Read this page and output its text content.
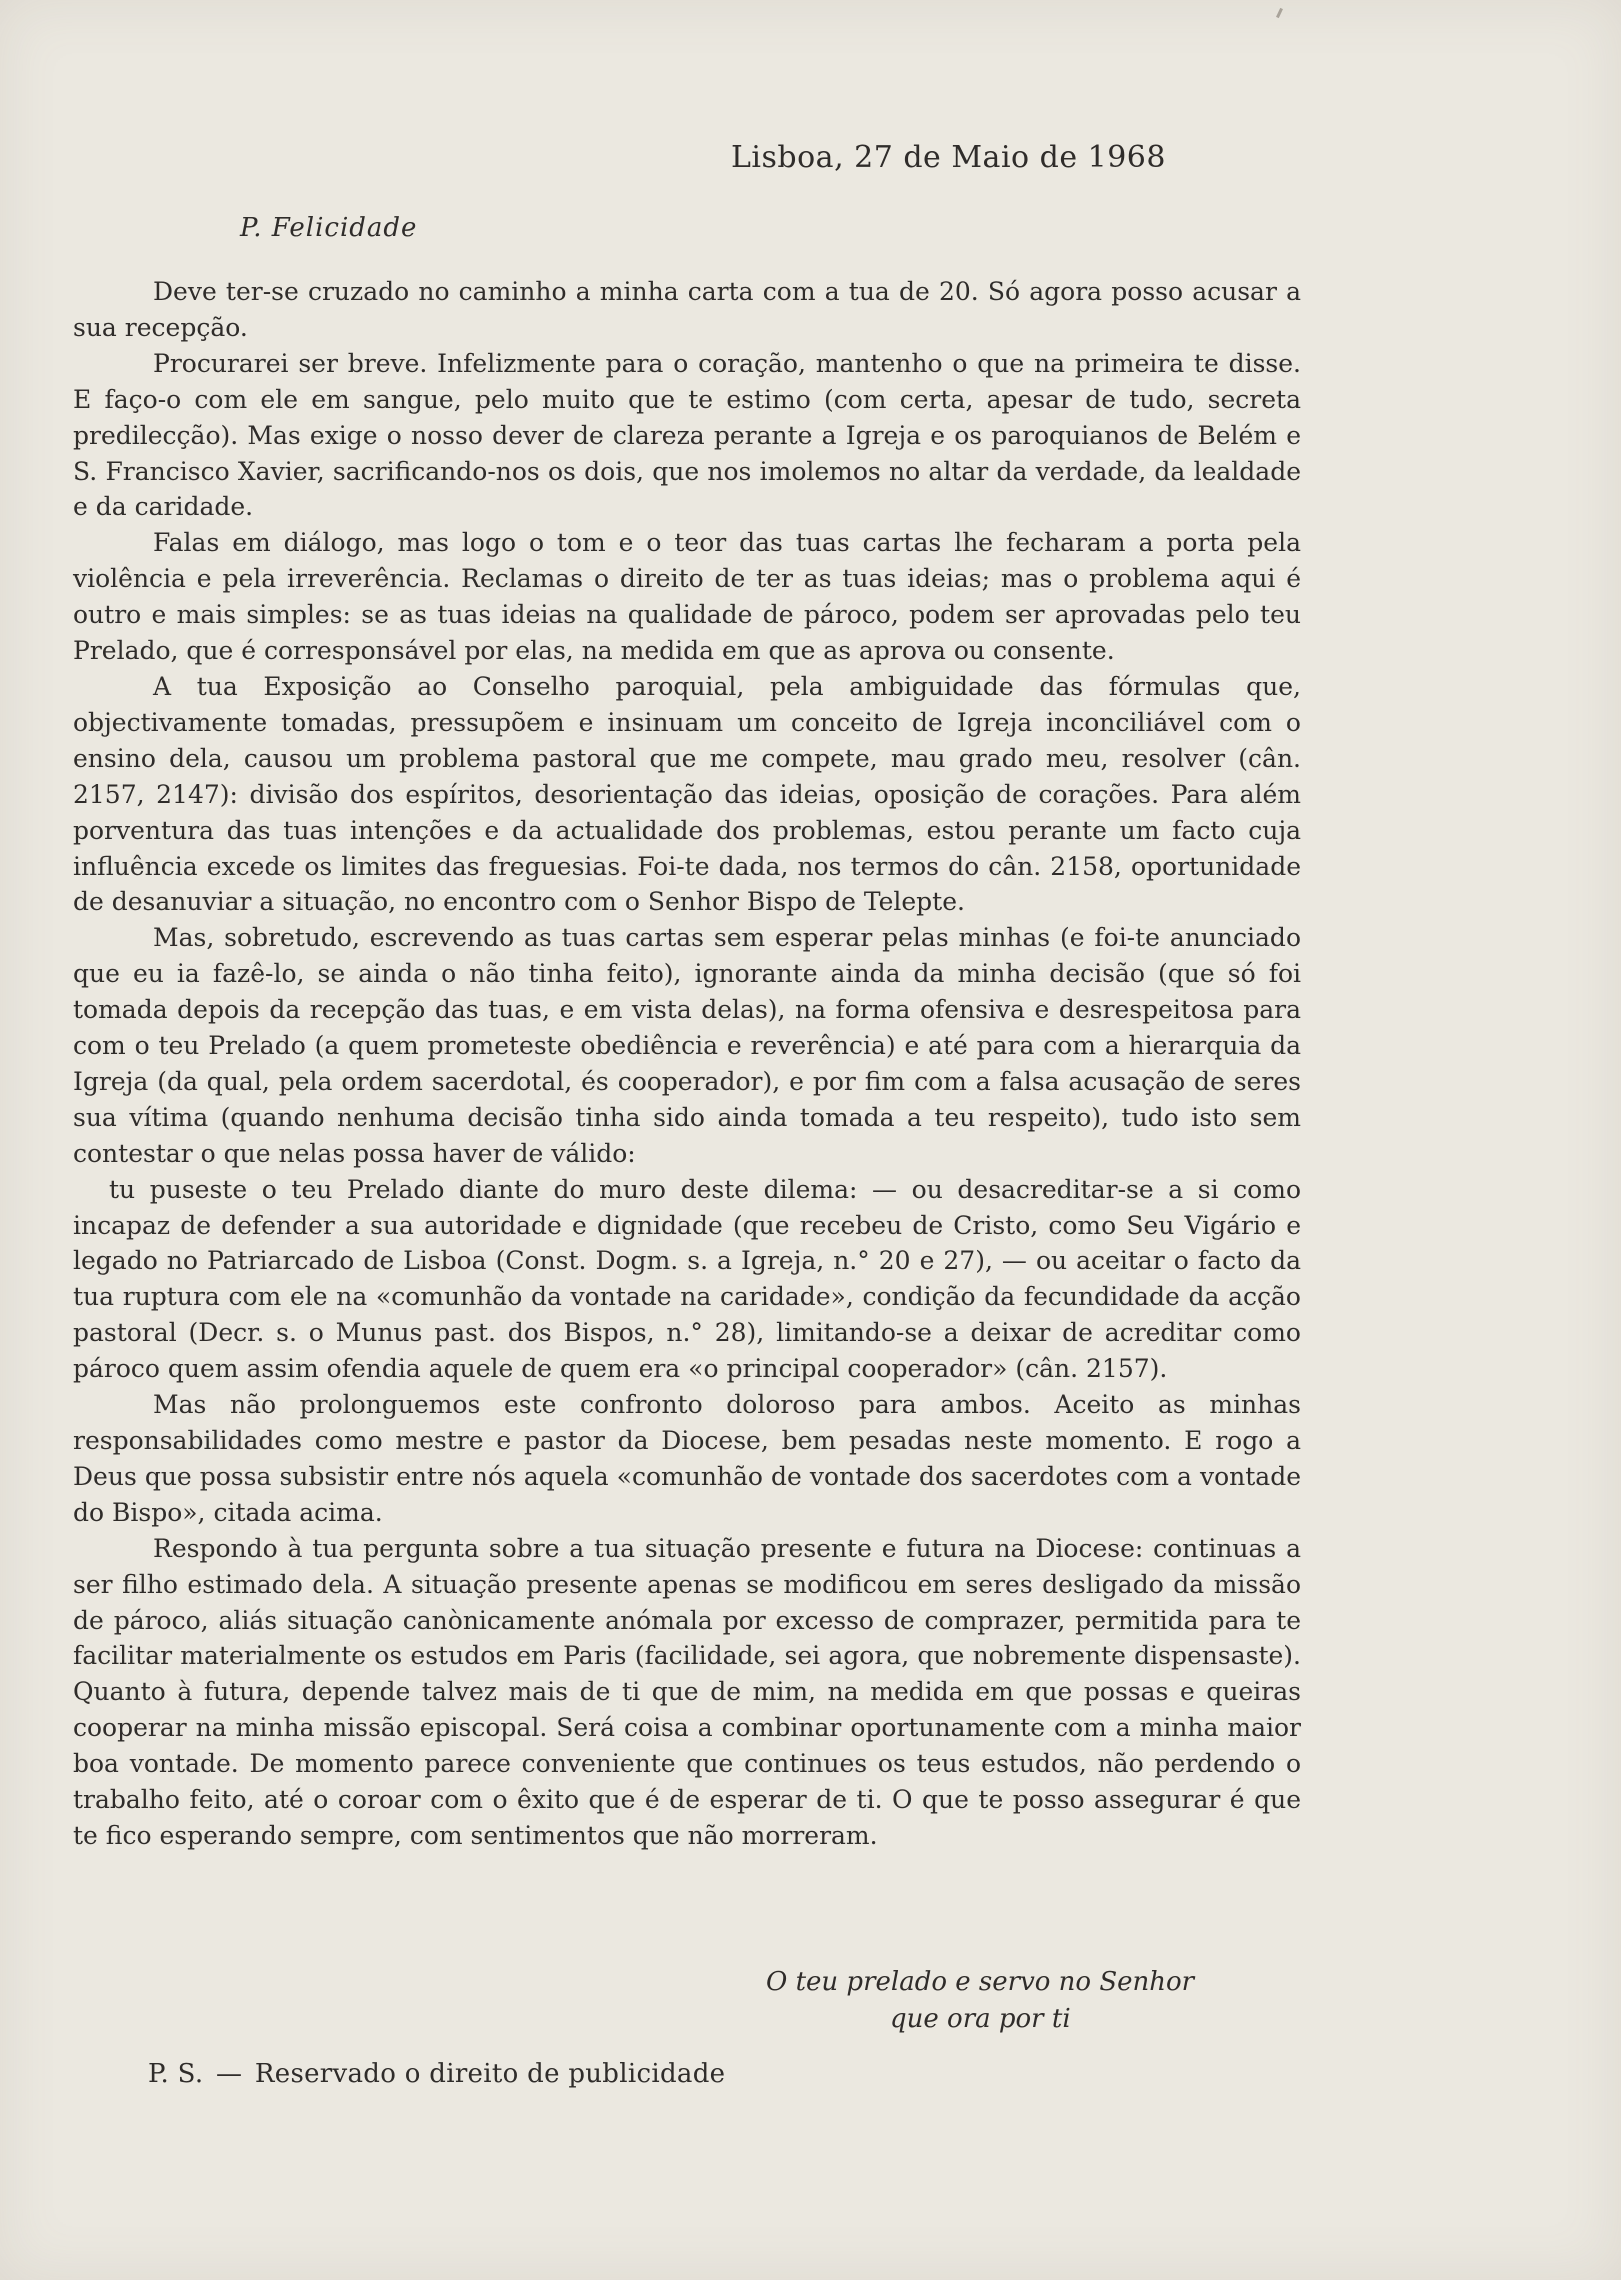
Lisboa, 27 de Maio de 1968
P. Felicidade

Deve ter-se cruzado no caminho a minha carta com a tua de 20. Só agora posso acusar a sua recepção.

Procurarei ser breve. Infelizmente para o coração, mantenho o que na primeira te disse. E faço-o com ele em sangue, pelo muito que te estimo (com certa, apesar de tudo, secreta predilecção). Mas exige o nosso dever de clareza perante a Igreja e os paroquianos de Belém e S. Francisco Xavier, sacrificando-nos os dois, que nos imolemos no altar da verdade, da lealdade e da caridade.

Falas em diálogo, mas logo o tom e o teor das tuas cartas lhe fecharam a porta pela violência e pela irreverência. Reclamas o direito de ter as tuas ideias; mas o problema aqui é outro e mais simples: se as tuas ideias na qualidade de pároco, podem ser aprovadas pelo teu Prelado, que é corresponsável por elas, na medida em que as aprova ou consente.

A tua Exposição ao Conselho paroquial, pela ambiguidade das fórmulas que, objectivamente tomadas, pressupõem e insinuam um conceito de Igreja inconciliável com o ensino dela, causou um problema pastoral que me compete, mau grado meu, resolver (cân. 2157, 2147): divisão dos espíritos, desorientação das ideias, oposição de corações. Para além porventura das tuas intenções e da actualidade dos problemas, estou perante um facto cuja influência excede os limites das freguesias. Foi-te dada, nos termos do cân. 2158, oportunidade de desanuviar a situação, no encontro com o Senhor Bispo de Telepte.

Mas, sobretudo, escrevendo as tuas cartas sem esperar pelas minhas (e foi-te anunciado que eu ia fazê-lo, se ainda o não tinha feito), ignorante ainda da minha decisão (que só foi tomada depois da recepção das tuas, e em vista delas), na forma ofensiva e desrespeitosa para com o teu Prelado (a quem prometeste obediência e reverência) e até para com a hierarquia da Igreja (da qual, pela ordem sacerdotal, és cooperador), e por fim com a falsa acusação de seres sua vítima (quando nenhuma decisão tinha sido ainda tomada a teu respeito), tudo isto sem contestar o que nelas possa haver de válido:

tu puseste o teu Prelado diante do muro deste dilema: — ou desacreditar-se a si como incapaz de defender a sua autoridade e dignidade (que recebeu de Cristo, como Seu Vigário e legado no Patriarcado de Lisboa (Const. Dogm. s. a Igreja, n.° 20 e 27), — ou aceitar o facto da tua ruptura com ele na «comunhão da vontade na caridade», condição da fecundidade da acção pastoral (Decr. s. o Munus past. dos Bispos, n.° 28), limitando-se a deixar de acreditar como pároco quem assim ofendia aquele de quem era «o principal cooperador» (cân. 2157).

Mas não prolonguemos este confronto doloroso para ambos. Aceito as minhas responsabilidades como mestre e pastor da Diocese, bem pesadas neste momento. E rogo a Deus que possa subsistir entre nós aquela «comunhão de vontade dos sacerdotes com a vontade do Bispo», citada acima.

Respondo à tua pergunta sobre a tua situação presente e futura na Diocese: continuas a ser filho estimado dela. A situação presente apenas se modificou em seres desligado da missão de pároco, aliás situação canònicamente anómala por excesso de comprazer, permitida para te facilitar materialmente os estudos em Paris (facilidade, sei agora, que nobremente dispensaste). Quanto à futura, depende talvez mais de ti que de mim, na medida em que possas e queiras cooperar na minha missão episcopal. Será coisa a combinar oportunamente com a minha maior boa vontade. De momento parece conveniente que continues os teus estudos, não perdendo o trabalho feito, até o coroar com o êxito que é de esperar de ti. O que te posso assegurar é que te fico esperando sempre, com sentimentos que não morreram.

O teu prelado e servo no Senhor
que ora por ti
P. S. — Reservado o direito de publicidade
